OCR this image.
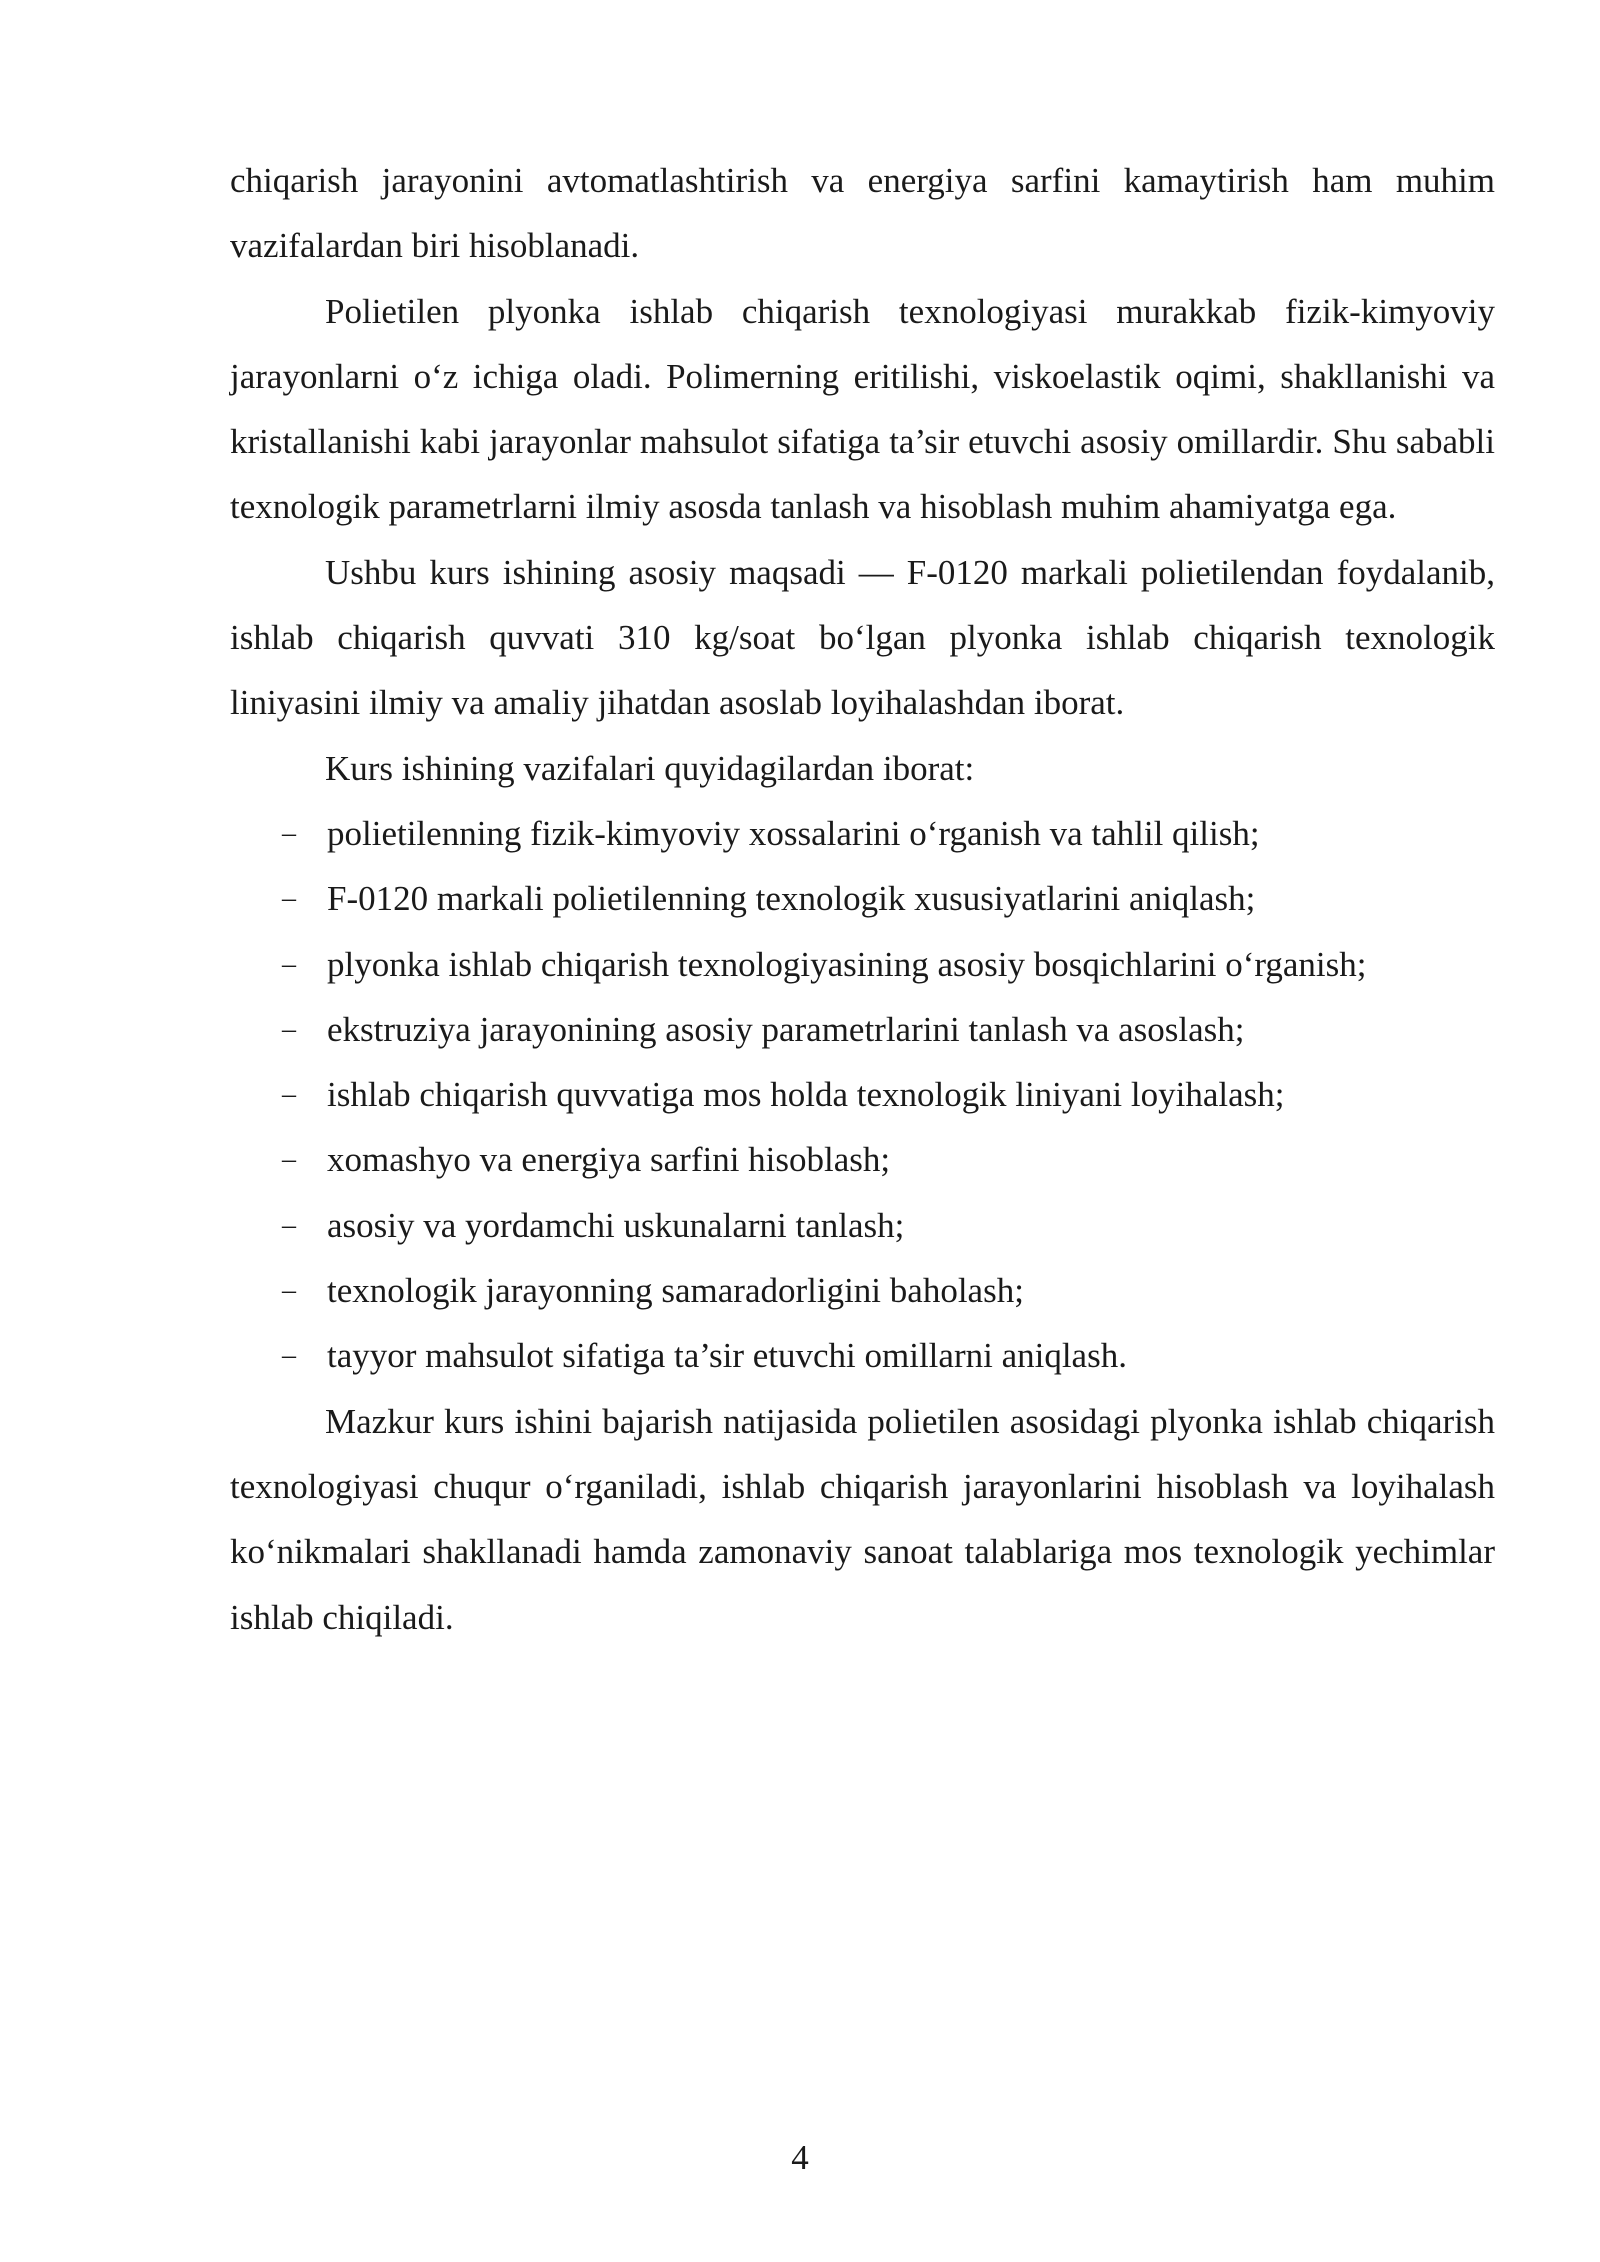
chiqarish jarayonini avtomatlashtirish va energiya sarfini kamaytirish ham muhim vazifalardan biri hisoblanadi.

Polietilen plyonka ishlab chiqarish texnologiyasi murakkab fizik-kimyoviy jarayonlarni o‘z ichiga oladi. Polimerning eritilishi, viskoelastik oqimi, shakllanishi va kristallanishi kabi jarayonlar mahsulot sifatiga ta’sir etuvchi asosiy omillardir. Shu sababli texnologik parametrlarni ilmiy asosda tanlash va hisoblash muhim ahamiyatga ega.

Ushbu kurs ishining asosiy maqsadi — F-0120 markali polietilendan foydalanib, ishlab chiqarish quvvati 310 kg/soat bo‘lgan plyonka ishlab chiqarish texnologik liniyasini ilmiy va amaliy jihatdan asoslab loyihalashdan iborat.

Kurs ishining vazifalari quyidagilardan iborat:

– polietilenning fizik-kimyoviy xossalarini o‘rganish va tahlil qilish;
– F-0120 markali polietilenning texnologik xususiyatlarini aniqlash;
– plyonka ishlab chiqarish texnologiyasining asosiy bosqichlarini o‘rganish;
– ekstruziya jarayonining asosiy parametrlarini tanlash va asoslash;
– ishlab chiqarish quvvatiga mos holda texnologik liniyani loyihalash;
– xomashyo va energiya sarfini hisoblash;
– asosiy va yordamchi uskunalarni tanlash;
– texnologik jarayonning samaradorligini baholash;
– tayyor mahsulot sifatiga ta’sir etuvchi omillarni aniqlash.

Mazkur kurs ishini bajarish natijasida polietilen asosidagi plyonka ishlab chiqarish texnologiyasi chuqur o‘rganiladi, ishlab chiqarish jarayonlarini hisoblash va loyihalash ko‘nikmalari shakllanadi hamda zamonaviy sanoat talablariga mos texnologik yechimlar ishlab chiqiladi.

4
